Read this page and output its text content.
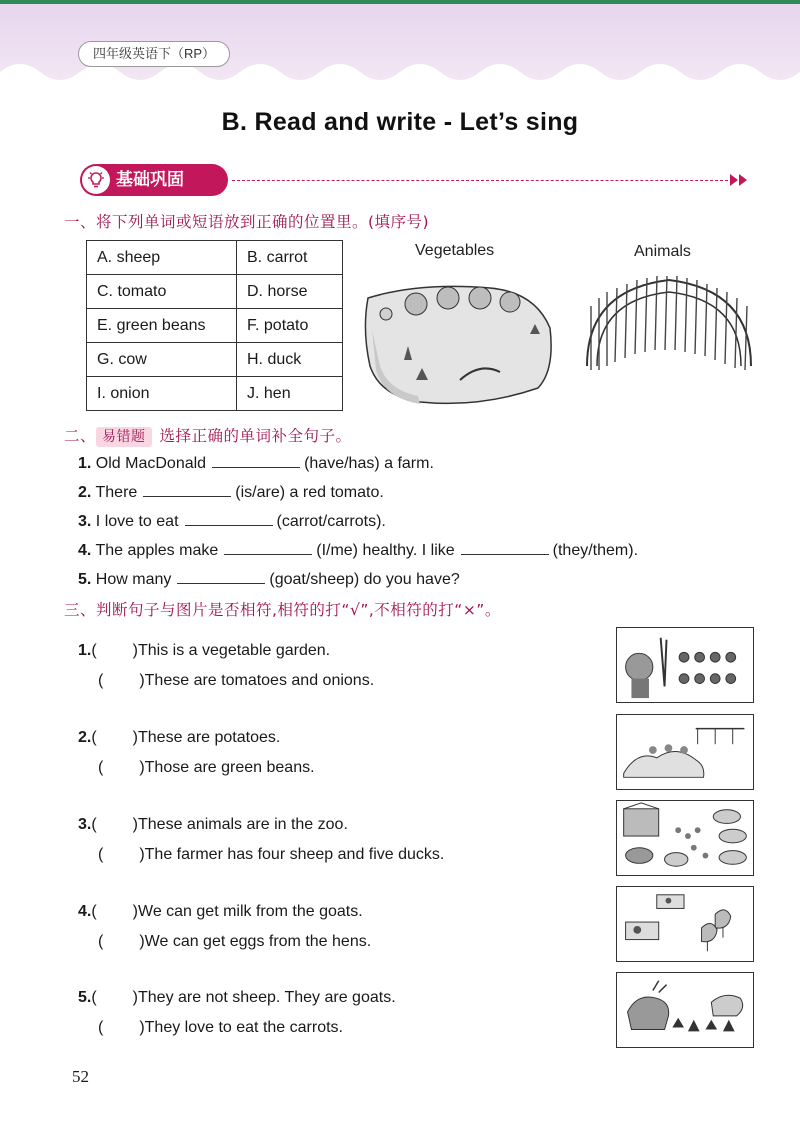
四年级英语下（RP）
B. Read and write - Let’s sing
基础巩固
一、将下列单词或短语放到正确的位置里。(填序号)
A. sheep	B. carrot
C. tomato	D. horse
E. green beans	F. potato
G. cow	H. duck
I. onion	J. hen
Vegetables	Animals
二、 易错题 选择正确的单词补全句子。
1. Old MacDonald	(have/has) a farm.
2. There	(is/are) a red tomato.
3. I love to eat	(carrot/carrots).
4. The apples make	(I/me) healthy. I like	(they/them).
5. How many	(goat/sheep) do you have?
三、判断句子与图片是否相符,相符的打“√”,不相符的打“×”。
1.( )This is a vegetable garden.
( )These are tomatoes and onions.
2.( )These are potatoes.
( )Those are green beans.
3.( )These animals are in the zoo.
( )The farmer has four sheep and five ducks.
4.( )We can get milk from the goats.
( )We can get eggs from the hens.
5.( )They are not sheep. They are goats.
( )They love to eat the carrots.
52
